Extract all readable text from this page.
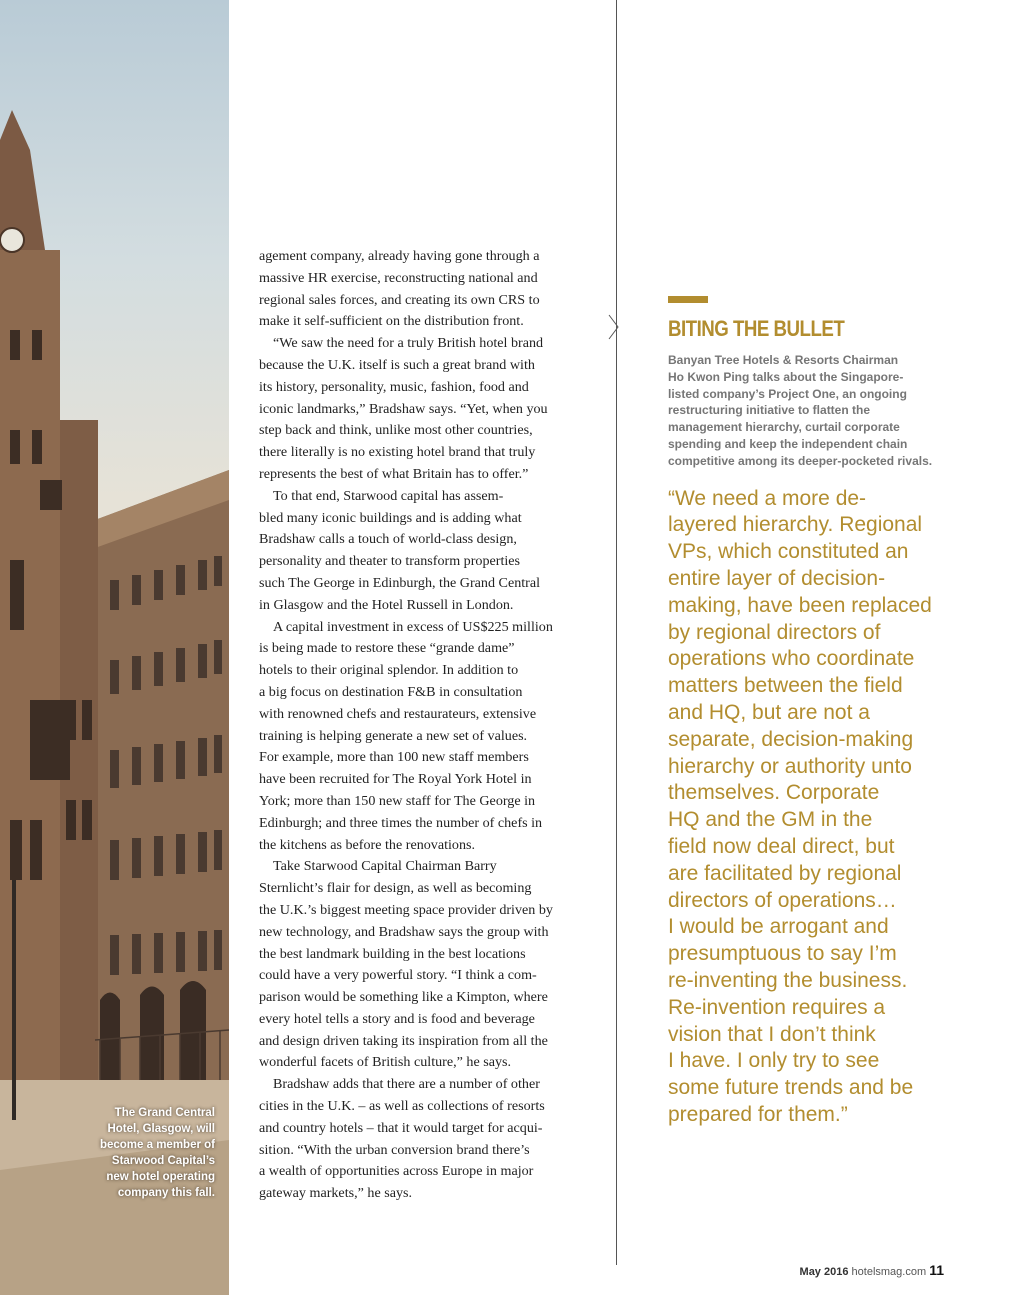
The Grand Central
Hotel, Glasgow, will
become a member of
Starwood Capital’s
new hotel operating
company this fall.

agement company, already having gone through a
massive HR exercise, reconstructing national and
regional sales forces, and creating its own CRS to
make it self-sufficient on the distribution front.

“We saw the need for a truly British hotel brand
because the U.K. itself is such a great brand with
its history, personality, music, fashion, food and
iconic landmarks,” Bradshaw says. “Yet, when you
step back and think, unlike most other countries,
there literally is no existing hotel brand that truly
represents the best of what Britain has to offer.”

To that end, Starwood capital has assem-
bled many iconic buildings and is adding what
Bradshaw calls a touch of world-class design,
personality and theater to transform properties
such The George in Edinburgh, the Grand Central
in Glasgow and the Hotel Russell in London.

A capital investment in excess of US$225 million
is being made to restore these “grande dame”
hotels to their original splendor. In addition to
a big focus on destination F&B in consultation
with renowned chefs and restaurateurs, extensive
training is helping generate a new set of values.
For example, more than 100 new staff members
have been recruited for The Royal York Hotel in
York; more than 150 new staff for The George in
Edinburgh; and three times the number of chefs in
the kitchens as before the renovations.

Take Starwood Capital Chairman Barry
Sternlicht’s flair for design, as well as becoming
the U.K.’s biggest meeting space provider driven by
new technology, and Bradshaw says the group with
the best landmark building in the best locations
could have a very powerful story. “I think a com-
parison would be something like a Kimpton, where
every hotel tells a story and is food and beverage
and design driven taking its inspiration from all the
wonderful facets of British culture,” he says.

Bradshaw adds that there are a number of other
cities in the U.K. – as well as collections of resorts
and country hotels – that it would target for acqui-
sition. “With the urban conversion brand there’s
a wealth of opportunities across Europe in major
gateway markets,” he says.

BITING THE BULLET
Banyan Tree Hotels & Resorts Chairman
Ho Kwon Ping talks about the Singapore-
listed company’s Project One, an ongoing
restructuring initiative to flatten the
management hierarchy, curtail corporate
spending and keep the independent chain
competitive among its deeper-pocketed rivals.
“We need a more de-
layered hierarchy. Regional
VPs, which constituted an
entire layer of decision-
making, have been replaced
by regional directors of
operations who coordinate
matters between the field
and HQ, but are not a
separate, decision-making
hierarchy or authority unto
themselves. Corporate
HQ and the GM in the
field now deal direct, but
are facilitated by regional
directors of operations…
I would be arrogant and
presumptuous to say I’m
re-inventing the business.
Re-invention requires a
vision that I don’t think
I have. I only try to see
some future trends and be
prepared for them.”
May 2016 hotelsmag.com 11
